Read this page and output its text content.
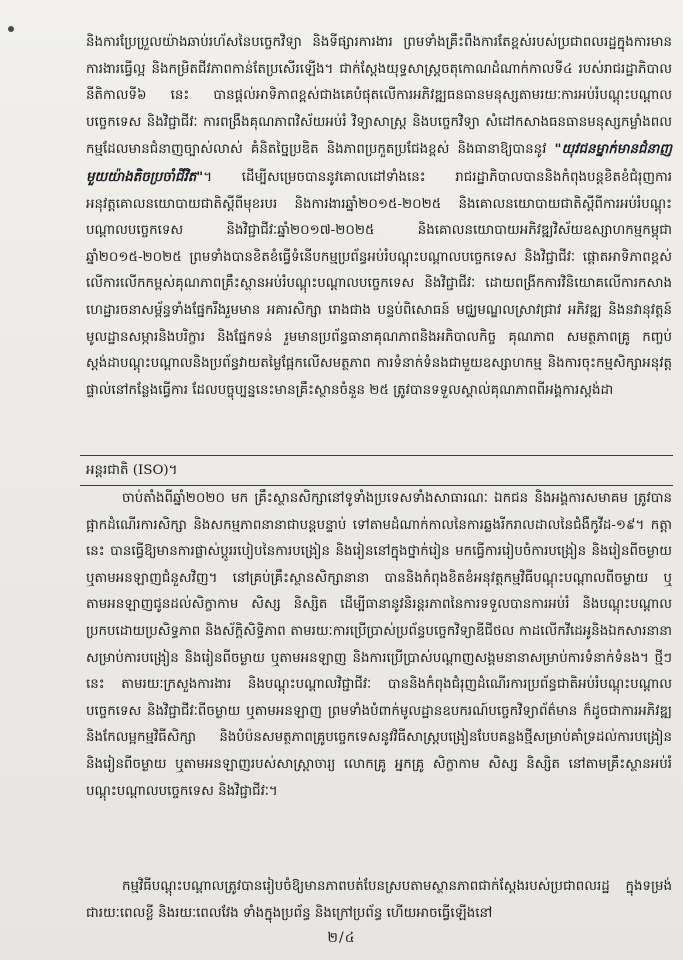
និងការប្រែប្រួលយ៉ាងឆាប់រហ័សនៃបច្ចេកវិទ្យា និងទីផ្សារការងារ ព្រមទាំងគ្រឹះពឹងការតែខ្ពស់របស់ប្រជាពលរដ្ឋក្នុងការមានការងារធ្វើល្អ និងកម្រិតជីវភាពកាន់តែប្រសើរឡើង។ ជាក់ស្តែងយុទ្ធសាស្ត្រចតុកោណដំណាក់កាលទី៤ របស់រាជរដ្ឋាភិបាលនីតិកាលទី៦ នេះ បានផ្តល់អាទិភាពខ្ពស់ជាងគេបំផុតលើការអភិវឌ្ឍធនធានមនុស្សតាមរយៈការអប់រំបណ្តុះបណ្តាលបច្ចេកទេស និងវិជ្ជាជីវៈ ការពង្រឹងគុណភាពវិស័យអប់រំ វិទ្យាសាស្ត្រ និងបច្ចេកវិទ្យា សំដៅកសាងធនធានមនុស្សកម្លាំងពលកម្មដែលមានជំនាញច្បាស់លាស់ គំនិតច្នៃប្រឌិត និងភាពប្រកួតប្រជែងខ្ពស់ និងធានាឱ្យបាននូវ "យុវជនម្នាក់មានជំនាញមួយយ៉ាងតិចប្រចាំជីវិត"។ ដើម្បីសម្រេចបាននូវគោលដៅទាំងនេះ រាជរដ្ឋាភិបាលបាននិងកំពុងបន្តខិតខំជំរុញការអនុវត្តគោលនយោបាយជាតិស្តីពីមុខរបរ និងការងារឆ្នាំ២០១៥-២០២៥ និងគោលនយោបាយជាតិស្តីពីការអប់រំបណ្តុះបណ្តាលបច្ចេកទេស និងវិជ្ជាជីវៈឆ្នាំ២០១៧-២០២៥ និងគោលនយោបាយអភិវឌ្ឍវិស័យឧស្សាហកម្មកម្ពុជាឆ្នាំ២០១៥-២០២៥ ព្រមទាំងបានខិតខំធ្វើទំនើបកម្មប្រព័ន្ធអប់រំបណ្តុះបណ្តាលបច្ចេកទេស និងវិជ្ជាជីវៈ ផ្តោតអាទិភាពខ្ពស់លើការលើកកម្ពស់គុណភាពគ្រឹះស្ថានអប់រំបណ្តុះបណ្តាលបច្ចេកទេស និងវិជ្ជាជីវៈ ដោយពង្រីកការវិនិយោគលើការកសាងហេដ្ឋារចនាសម្ព័ន្ធទាំងផ្នែករឹងរួមមាន អគារសិក្សា រោងជាង បន្ទប់ពិសោធន៍ មជ្ឈមណ្ឌលស្រាវជ្រាវ អភិវឌ្ឍ និងនវានុវត្តន៍ មូលដ្ឋានសម្ភារនិងបរិក្ខារ និងផ្នែកទន់ រួមមានប្រព័ន្ធធានាគុណភាពនិងអភិបាលកិច្ច គុណភាព សមត្ថភាពគ្រូ កញ្ចប់ស្តង់ដាបណ្តុះបណ្តាលនិងប្រព័ន្ធវាយតម្លៃផ្អែកលើសមត្ថភាព ការទំនាក់ទំនងជាមួយឧស្សាហកម្ម និងការចុះកម្មសិក្សាអនុវត្តផ្ទាល់នៅកន្លែងធ្វើការ ដែលបច្ចុប្បន្ននេះមានគ្រឹះស្ថានចំនួន ២៥ ត្រូវបានទទួលស្គាល់គុណភាពពីអង្គការស្តង់ដា

អន្តរជាតិ (ISO)។

ចាប់តាំងពីឆ្នាំ២០២០ មក គ្រឹះស្ថានសិក្សានៅទូទាំងប្រទេសទាំងសាធារណៈ ឯកជន និងអង្គការសមាគម ត្រូវបានផ្អាកដំណើរការសិក្សា និងសកម្មភាពនានាជាបន្តបន្ទាប់ ទៅតាមដំណាក់កាលនៃការឆ្លងរីករាលដាលនៃជំងឺកូវីដ-១៩។ កត្តានេះ បានធ្វើឱ្យមានការផ្លាស់ប្តូររបៀបនៃការបង្រៀន និងរៀននៅក្នុងថ្នាក់រៀន មកធ្វើការរៀបចំការបង្រៀន និងរៀនពីចម្ងាយ ឬតាមអនឡាញជំនួសវិញ។ នៅគ្រប់គ្រឹះស្ថានសិក្សានានា បាននិងកំពុងខិតខំអនុវត្តកម្មវិធីបណ្តុះបណ្តាលពីចម្ងាយ ឬតាមអនឡាញជូនដល់សិក្ខាកាម សិស្ស និស្សិត ដើម្បីធានានូវនិរន្តរភាពនៃការទទួលបានការអប់រំ និងបណ្តុះបណ្តាល ប្រកបដោយប្រសិទ្ធភាព និងស័ក្តិសិទ្ធិភាព តាមរយៈការប្រើប្រាស់ប្រព័ន្ធបច្ចេកវិទ្យាឌីជីថល កាដលើកវីដេអូនិងឯកសារនានាសម្រាប់ការបង្រៀន និងរៀនពីចម្ងាយ ឬតាមអនឡាញ និងការប្រើប្រាស់បណ្តាញសង្គមនានាសម្រាប់ការទំនាក់ទំនង។ ថ្មីៗនេះ តាមរយៈក្រសួងការងារ និងបណ្តុះបណ្តាលវិជ្ជាជីវៈ បាននិងកំពុងជំរុញដំណើរការប្រព័ន្ធជាតិអប់រំបណ្តុះបណ្តាលបច្ចេកទេស និងវិជ្ជាជីវៈពីចម្ងាយ ឬតាមអនឡាញ ព្រមទាំងបំពាក់មូលដ្ឋានឧបករណ៍បច្ចេកវិទ្យាព័ត៌មាន ក៏ដូចជាការអភិវឌ្ឍនិងកែលម្អកម្មវិធីសិក្សា និងបំប៉នសមត្ថភាពគ្រូបច្ចេកទេសនូវវិធីសាស្ត្របង្រៀនបែបគន្លងថ្មីសម្រាប់គាំទ្រដល់ការបង្រៀន និងរៀនពីចម្ងាយ ឬតាមអនឡាញរបស់សាស្ត្រាចារ្យ លោកគ្រូ អ្នកគ្រូ សិក្ខាកាម សិស្ស និស្សិត នៅតាមគ្រឹះស្ថានអប់រំបណ្តុះបណ្តាលបច្ចេកទេស និងវិជ្ជាជីវៈ។

កម្មវិធីបណ្តុះបណ្តាលត្រូវបានរៀបចំឱ្យមានភាពបត់បែនស្របតាមស្ថានភាពជាក់ស្តែងរបស់ប្រជាពលរដ្ឋ ក្នុងទម្រង់ជារយៈពេលខ្លី និងរយៈពេលវែង ទាំងក្នុងប្រព័ន្ធ និងក្រៅប្រព័ន្ធ ហើយអាចធ្វើឡើងនៅ

២/៤
